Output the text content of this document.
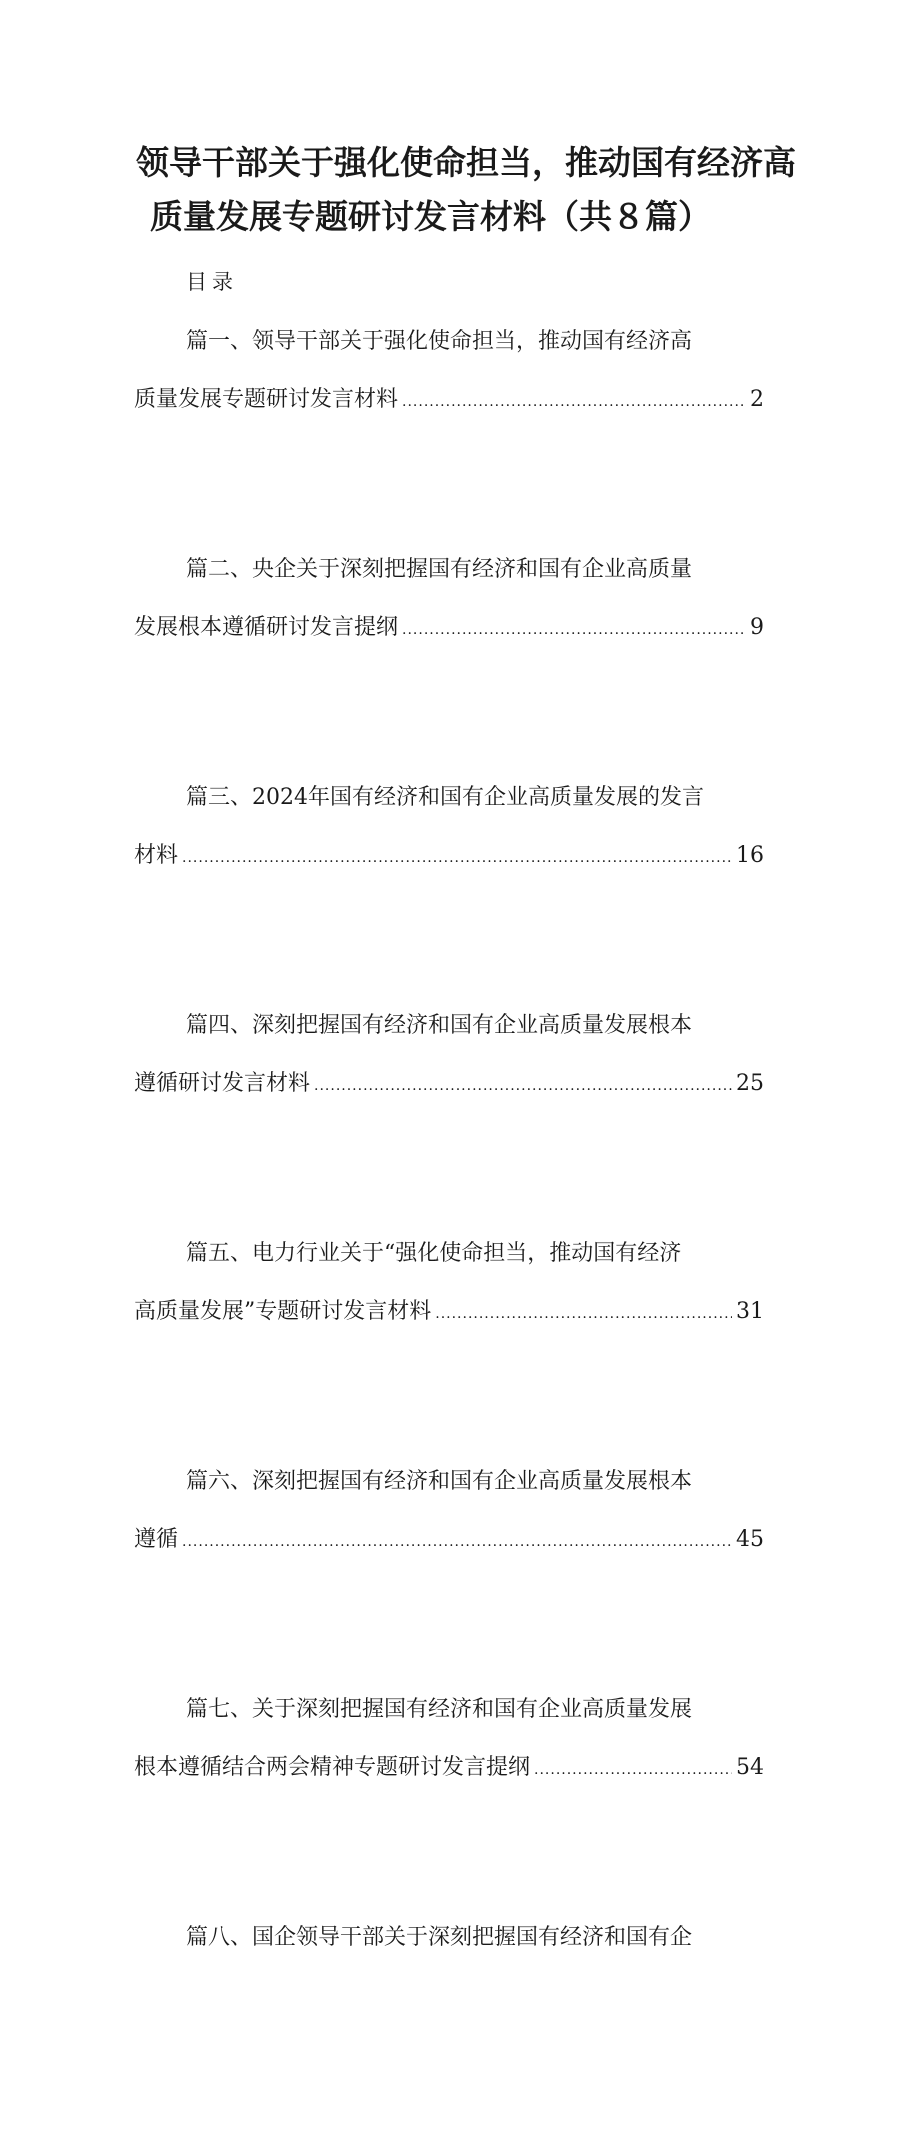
领导干部关于强化使命担当，推动国有经济高
质量发展专题研讨发言材料（共８篇）
目录
篇一、领导干部关于强化使命担当，推动国有经济高
质量发展专题研讨发言材料 .....	2
篇二、央企关于深刻把握国有经济和国有企业高质量
发展根本遵循研讨发言提纲 .....	9
篇三、2024年国有经济和国有企业高质量发展的发言
材料 .....	16
篇四、深刻把握国有经济和国有企业高质量发展根本
遵循研讨发言材料 .....	25
篇五、电力行业关于“强化使命担当，推动国有经济
高质量发展”专题研讨发言材料 .....	31
篇六、深刻把握国有经济和国有企业高质量发展根本
遵循 .....	45
篇七、关于深刻把握国有经济和国有企业高质量发展
根本遵循结合两会精神专题研讨发言提纲 .....	54
篇八、国企领导干部关于深刻把握国有经济和国有企
